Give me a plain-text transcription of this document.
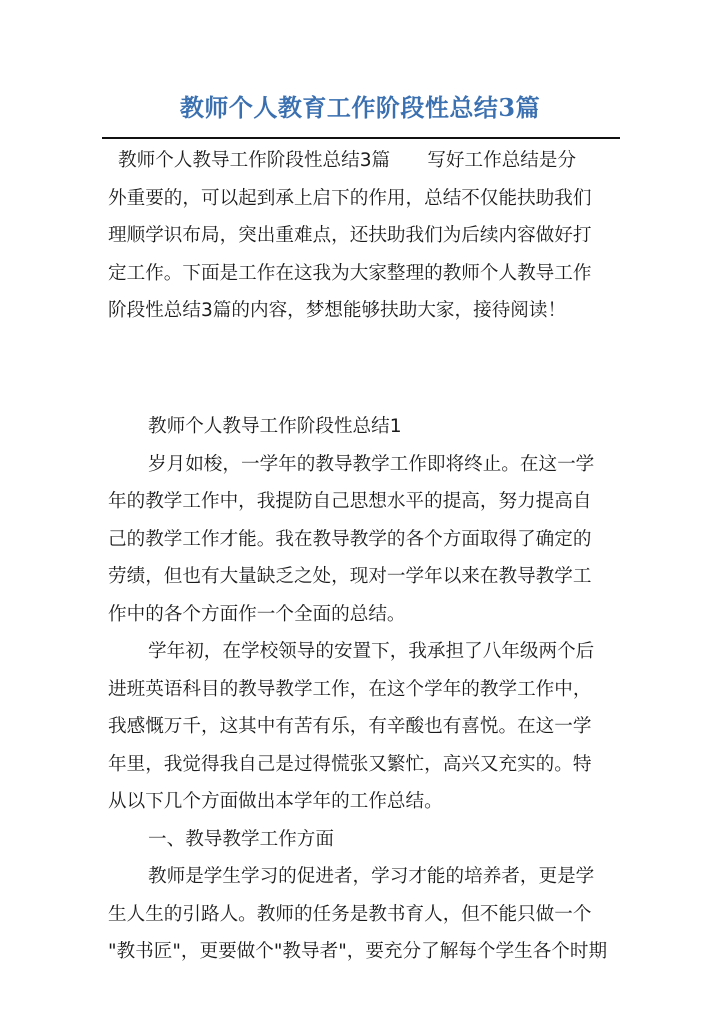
教师个人教育工作阶段性总结3篇
教师个人教导工作阶段性总结3篇　　写好工作总结是分
外重要的，可以起到承上启下的作用，总结不仅能扶助我们
理顺学识布局，突出重难点，还扶助我们为后续内容做好打
定工作。下面是工作在这我为大家整理的教师个人教导工作
阶段性总结3篇的内容，梦想能够扶助大家，接待阅读！
教师个人教导工作阶段性总结1
岁月如梭，一学年的教导教学工作即将终止。在这一学
年的教学工作中，我提防自己思想水平的提高，努力提高自
己的教学工作才能。我在教导教学的各个方面取得了确定的
劳绩，但也有大量缺乏之处，现对一学年以来在教导教学工
作中的各个方面作一个全面的总结。
学年初，在学校领导的安置下，我承担了八年级两个后
进班英语科目的教导教学工作，在这个学年的教学工作中，
我感慨万千，这其中有苦有乐，有辛酸也有喜悦。在这一学
年里，我觉得我自己是过得慌张又繁忙，高兴又充实的。特
从以下几个方面做出本学年的工作总结。
一、教导教学工作方面
教师是学生学习的促进者，学习才能的培养者，更是学
生人生的引路人。教师的任务是教书育人，但不能只做一个
"教书匠"，更要做个"教导者"，要充分了解每个学生各个时期
